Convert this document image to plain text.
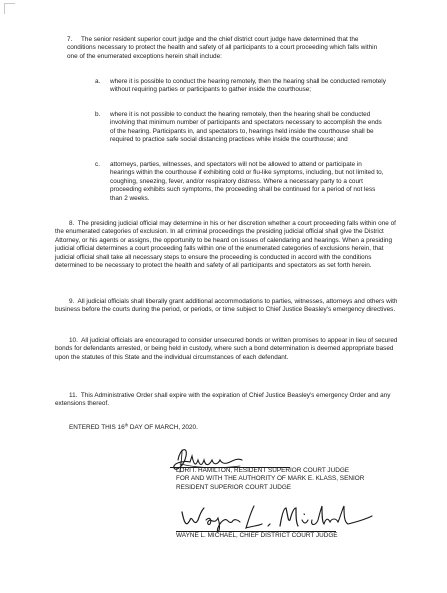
7. The senior resident superior court judge and the chief district court judge have determined that the conditions necessary to protect the health and safety of all participants to a court proceeding which falls within one of the enumerated exceptions herein shall include:

a. where it is possible to conduct the hearing remotely, then the hearing shall be conducted remotely without requiring parties or participants to gather inside the courthouse;
b. where it is not possible to conduct the hearing remotely, then the hearing shall be conducted involving that minimum number of participants and spectators necessary to accomplish the ends of the hearing. Participants in, and spectators to, hearings held inside the courthouse shall be required to practice safe social distancing practices while inside the courthouse; and
c. attorneys, parties, witnesses, and spectators will not be allowed to attend or participate in hearings within the courthouse if exhibiting cold or flu-like symptoms, including, but not limited to, coughing, sneezing, fever, and/or respiratory distress. Where a necessary party to a court proceeding exhibits such symptoms, the proceeding shall be continued for a period of not less than 2 weeks.

8. The presiding judicial official may determine in his or her discretion whether a court proceeding falls within one of the enumerated categories of exclusion. In all criminal proceedings the presiding judicial official shall give the District Attorney, or his agents or assigns, the opportunity to be heard on issues of calendaring and hearings. When a presiding judicial official determines a court proceeding falls within one of the enumerated categories of exclusions herein, that judicial official shall take all necessary steps to ensure the proceeding is conducted in accord with the conditions determined to be necessary to protect the health and safety of all participants and spectators as set forth herein.

9. All judicial officials shall liberally grant additional accommodations to parties, witnesses, attorneys and others with business before the courts during the period, or periods, or time subject to Chief Justice Beasley's emergency directives.

10. All judicial officials are encouraged to consider unsecured bonds or written promises to appear in lieu of secured bonds for defendants arrested, or being held in custody, where such a bond determination is deemed appropriate based upon the statutes of this State and the individual circumstances of each defendant.

11. This Administrative Order shall expire with the expiration of Chief Justice Beasley's emergency Order and any extensions thereof.

ENTERED THIS 16th DAY OF MARCH, 2020.

LORI I. HAMILTON, RESIDENT SUPERIOR COURT JUDGE
FOR AND WITH THE AUTHORITY OF MARK E. KLASS, SENIOR
RESIDENT SUPERIOR COURT JUDGE

WAYNE L. MICHAEL, CHIEF DISTRICT COURT JUDGE
